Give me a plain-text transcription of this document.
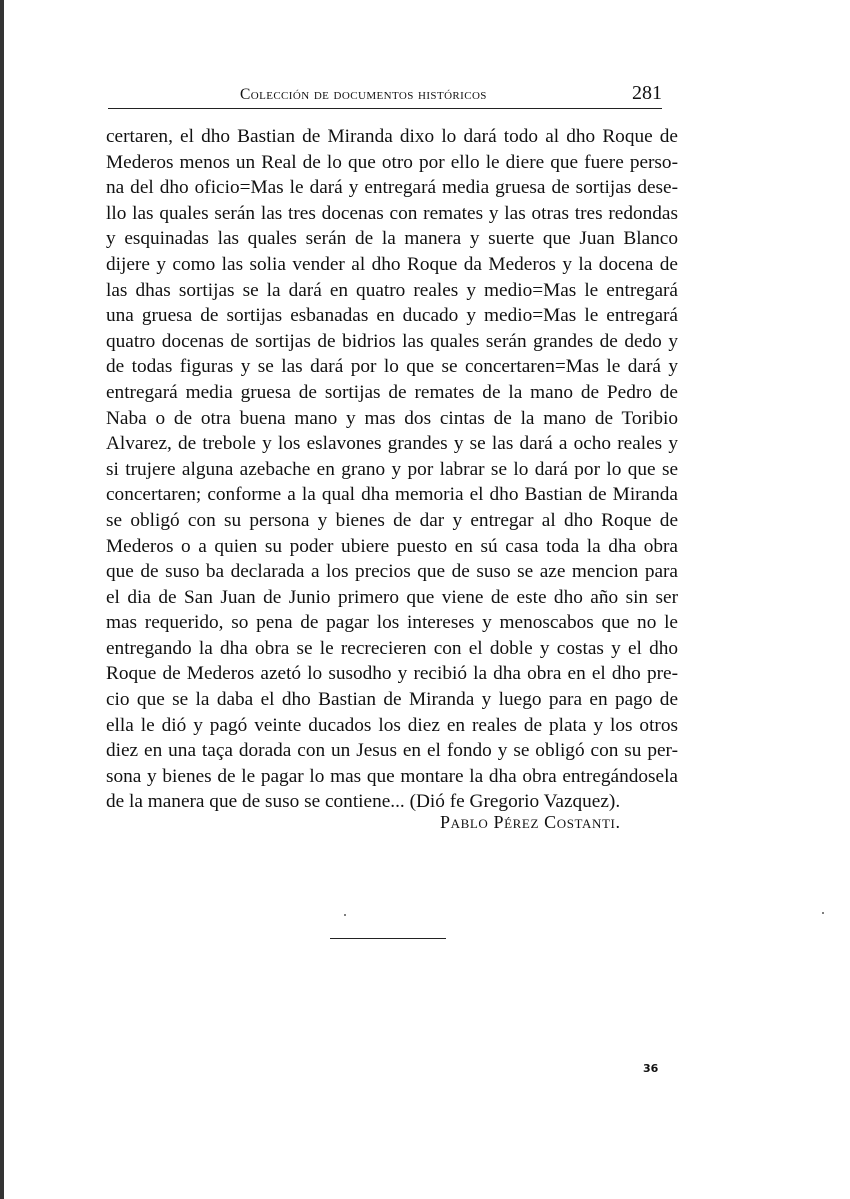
Colección de documentos históricos	281
certaren, el dho Bastian de Miranda dixo lo dará todo al dho Roque de
Mederos menos un Real de lo que otro por ello le diere que fuere perso-
na del dho oficio=Mas le dará y entregará media gruesa de sortijas dese-
llo las quales serán las tres docenas con remates y las otras tres redondas
y esquinadas las quales serán de la manera y suerte que Juan Blanco
dijere y como las solia vender al dho Roque da Mederos y la docena de
las dhas sortijas se la dará en quatro reales y medio=Mas le entregará
una gruesa de sortijas esbanadas en ducado y medio=Mas le entregará
quatro docenas de sortijas de bidrios las quales serán grandes de dedo y
de todas figuras y se las dará por lo que se concertaren=Mas le dará y
entregará media gruesa de sortijas de remates de la mano de Pedro de
Naba o de otra buena mano y mas dos cintas de la mano de Toribio
Alvarez, de trebole y los eslavones grandes y se las dará a ocho reales y
si trujere alguna azebache en grano y por labrar se lo dará por lo que se
concertaren; conforme a la qual dha memoria el dho Bastian de Miranda
se obligó con su persona y bienes de dar y entregar al dho Roque de
Mederos o a quien su poder ubiere puesto en sú casa toda la dha obra
que de suso ba declarada a los precios que de suso se aze mencion para
el dia de San Juan de Junio primero que viene de este dho año sin ser
mas requerido, so pena de pagar los intereses y menoscabos que no le
entregando la dha obra se le recrecieren con el doble y costas y el dho
Roque de Mederos azetó lo susodho y recibió la dha obra en el dho pre-
cio que se la daba el dho Bastian de Miranda y luego para en pago de
ella le dió y pagó veinte ducados los diez en reales de plata y los otros
diez en una taça dorada con un Jesus en el fondo y se obligó con su per-
sona y bienes de le pagar lo mas que montare la dha obra entregándosela
de la manera que de suso se contiene... (Dió fe Gregorio Vazquez).
Pablo Pérez Costanti.
36
